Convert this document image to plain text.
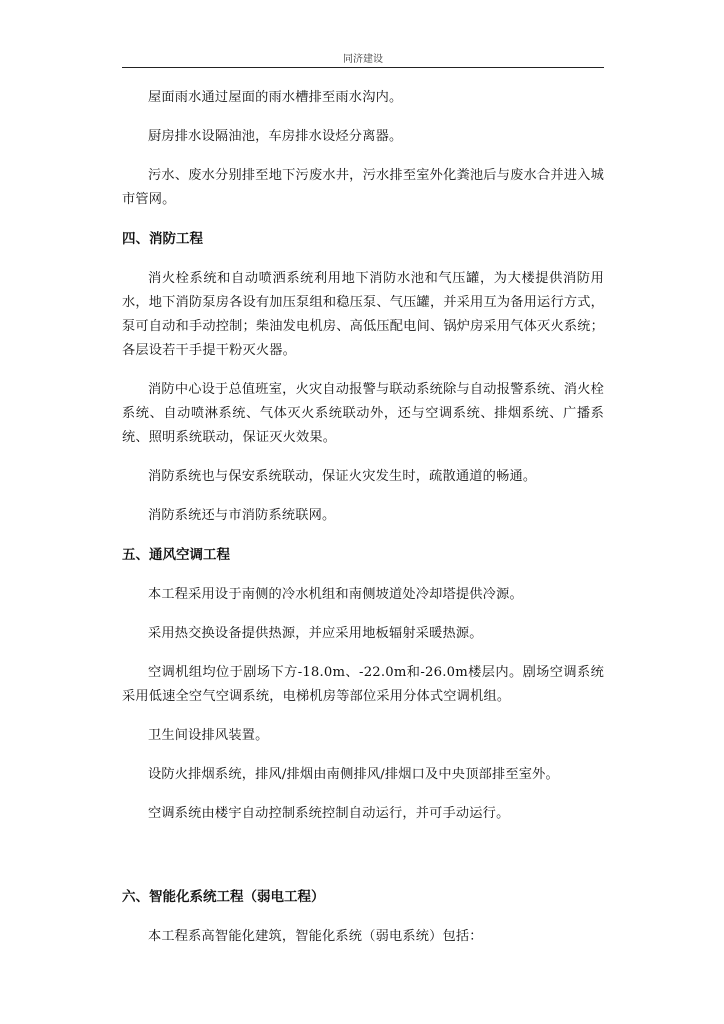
同济建设

屋面雨水通过屋面的雨水槽排至雨水沟内。

厨房排水设隔油池，车房排水设烃分离器。

污水、废水分别排至地下污废水井，污水排至室外化粪池后与废水合并进入城市管网。

四、消防工程

消火栓系统和自动喷洒系统利用地下消防水池和气压罐，为大楼提供消防用水，地下消防泵房各设有加压泵组和稳压泵、气压罐，并采用互为备用运行方式，泵可自动和手动控制；柴油发电机房、高低压配电间、锅炉房采用气体灭火系统；各层设若干手提干粉灭火器。

消防中心设于总值班室，火灾自动报警与联动系统除与自动报警系统、消火栓系统、自动喷淋系统、气体灭火系统联动外，还与空调系统、排烟系统、广播系统、照明系统联动，保证灭火效果。

消防系统也与保安系统联动，保证火灾发生时，疏散通道的畅通。

消防系统还与市消防系统联网。

五、通风空调工程

本工程采用设于南侧的冷水机组和南侧坡道处冷却塔提供冷源。

采用热交换设备提供热源，并应采用地板辐射采暖热源。

空调机组均位于剧场下方-18.0m、-22.0m和-26.0m楼层内。剧场空调系统采用低速全空气空调系统，电梯机房等部位采用分体式空调机组。

卫生间设排风装置。

设防火排烟系统，排风/排烟由南侧排风/排烟口及中央顶部排至室外。

空调系统由楼宇自动控制系统控制自动运行，并可手动运行。

六、智能化系统工程（弱电工程）

本工程系高智能化建筑，智能化系统（弱电系统）包括：
